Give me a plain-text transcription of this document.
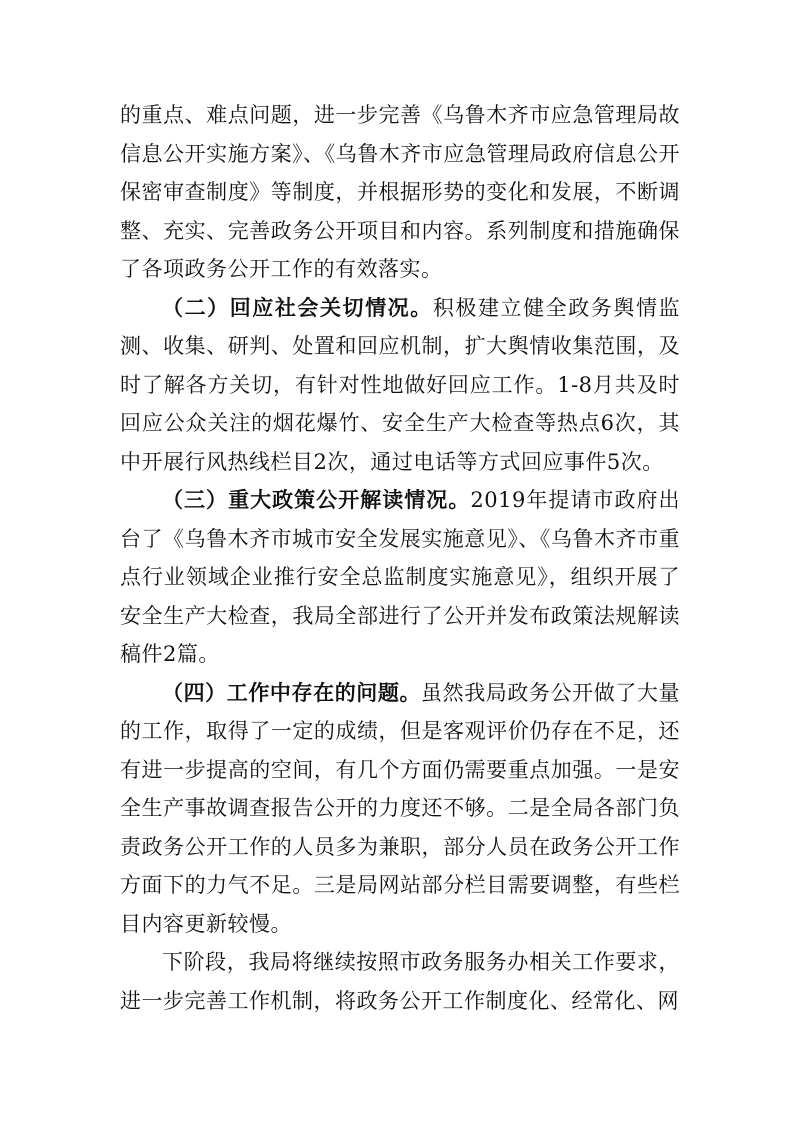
的重点、难点问题，进一步完善《乌鲁木齐市应急管理局故信息公开实施方案》、《乌鲁木齐市应急管理局政府信息公开保密审查制度》等制度，并根据形势的变化和发展，不断调整、充实、完善政务公开项目和内容。系列制度和措施确保了各项政务公开工作的有效落实。

（二）回应社会关切情况。积极建立健全政务舆情监测、收集、研判、处置和回应机制，扩大舆情收集范围，及时了解各方关切，有针对性地做好回应工作。1-8月共及时回应公众关注的烟花爆竹、安全生产大检查等热点6次，其中开展行风热线栏目2次，通过电话等方式回应事件5次。

（三）重大政策公开解读情况。2019年提请市政府出台了《乌鲁木齐市城市安全发展实施意见》、《乌鲁木齐市重点行业领域企业推行安全总监制度实施意见》，组织开展了安全生产大检查，我局全部进行了公开并发布政策法规解读稿件2篇。

（四）工作中存在的问题。虽然我局政务公开做了大量的工作，取得了一定的成绩，但是客观评价仍存在不足，还有进一步提高的空间，有几个方面仍需要重点加强。一是安全生产事故调查报告公开的力度还不够。二是全局各部门负责政务公开工作的人员多为兼职，部分人员在政务公开工作方面下的力气不足。三是局网站部分栏目需要调整，有些栏目内容更新较慢。

下阶段，我局将继续按照市政务服务办相关工作要求，进一步完善工作机制，将政务公开工作制度化、经常化、网
